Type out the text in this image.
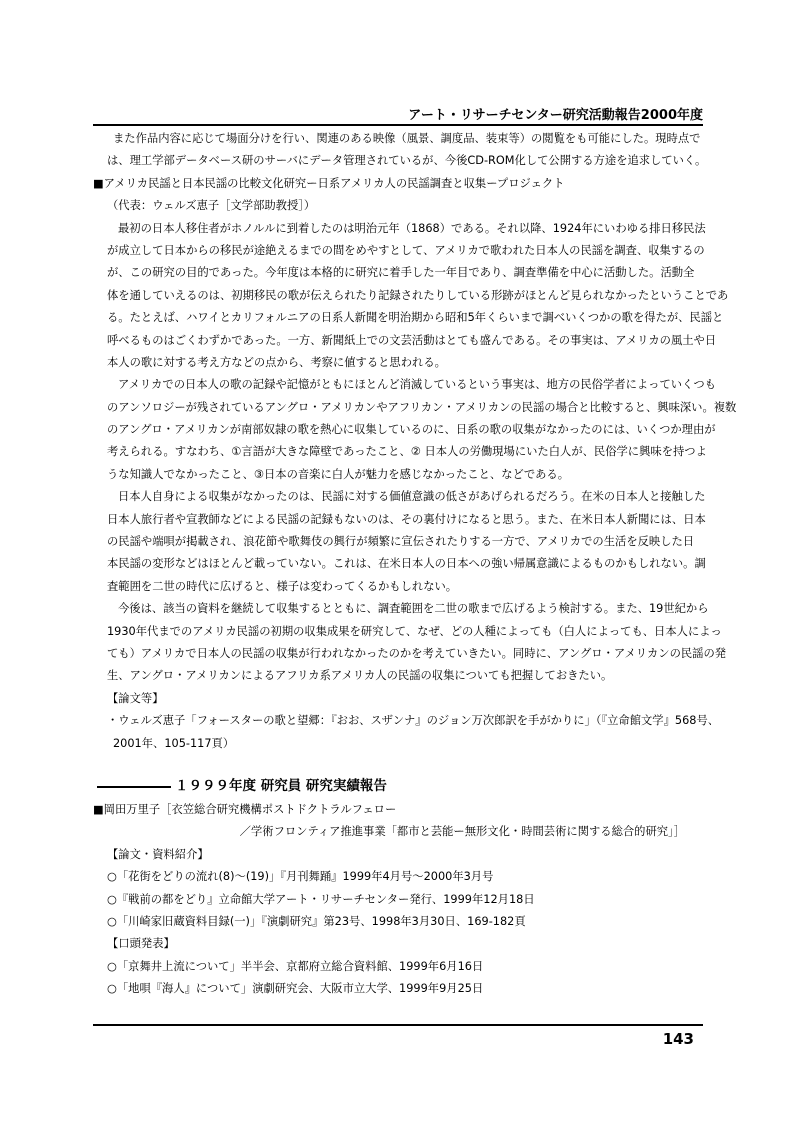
アート・リサーチセンター研究活動報告2000年度
また作品内容に応じて場面分けを行い、関連のある映像（風景、調度品、装束等）の閲覧をも可能にした。現時点で
は、理工学部データベース研のサーバにデータ管理されているが、今後CD-ROM化して公開する方途を追求していく。
■アメリカ民謡と日本民謡の比較文化研究ー日系アメリカ人の民謡調査と収集ープロジェクト
（代表：ウェルズ恵子［文学部助教授］）
最初の日本人移住者がホノルルに到着したのは明治元年（1868）である。それ以降、1924年にいわゆる排日移民法
が成立して日本からの移民が途絶えるまでの間をめやすとして、アメリカで歌われた日本人の民謡を調査、収集するの
が、この研究の目的であった。今年度は本格的に研究に着手した一年目であり、調査準備を中心に活動した。活動全
体を通していえるのは、初期移民の歌が伝えられたり記録されたりしている形跡がほとんど見られなかったということであ
る。たとえば、ハワイとカリフォルニアの日系人新聞を明治期から昭和5年くらいまで調べいくつかの歌を得たが、民謡と
呼べるものはごくわずかであった。一方、新聞紙上での文芸活動はとても盛んである。その事実は、アメリカの風土や日
本人の歌に対する考え方などの点から、考察に値すると思われる。
アメリカでの日本人の歌の記録や記憶がともにほとんど消滅しているという事実は、地方の民俗学者によっていくつも
のアンソロジーが残されているアングロ・アメリカンやアフリカン・アメリカンの民謡の場合と比較すると、興味深い。複数
のアングロ・アメリカンが南部奴隷の歌を熱心に収集しているのに、日系の歌の収集がなかったのには、いくつか理由が
考えられる。すなわち、①言語が大きな障壁であったこと、② 日本人の労働現場にいた白人が、民俗学に興味を持つよ
うな知識人でなかったこと、③日本の音楽に白人が魅力を感じなかったこと、などである。
日本人自身による収集がなかったのは、民謡に対する価値意識の低さがあげられるだろう。在米の日本人と接触した
日本人旅行者や宣教師などによる民謡の記録もないのは、その裏付けになると思う。また、在米日本人新聞には、日本
の民謡や端唄が掲載され、浪花節や歌舞伎の興行が頻繁に宣伝されたりする一方で、アメリカでの生活を反映した日
本民謡の変形などはほとんど載っていない。これは、在米日本人の日本への強い帰属意識によるものかもしれない。調
査範囲を二世の時代に広げると、様子は変わってくるかもしれない。
今後は、該当の資料を継続して収集するとともに、調査範囲を二世の歌まで広げるよう検討する。また、19世紀から
1930年代までのアメリカ民謡の初期の収集成果を研究して、なぜ、どの人種によっても（白人によっても、日本人によっ
ても）アメリカで日本人の民謡の収集が行われなかったのかを考えていきたい。同時に、アングロ・アメリカンの民謡の発
生、アングロ・アメリカンによるアフリカ系アメリカ人の民謡の収集についても把握しておきたい。
【論文等】
・ウェルズ恵子「フォースターの歌と望郷：『おお、スザンナ』のジョン万次郎訳を手がかりに」（『立命館文学』568号、
2001年、105-117頁）
１９９９年度 研究員 研究実績報告
■岡田万里子［衣笠総合研究機構ポストドクトラルフェロー
／学術フロンティア推進事業「都市と芸能ー無形文化・時間芸術に関する総合的研究」］
【論文・資料紹介】
○「花街をどりの流れ(8)～(19)」『月刊舞踊』1999年4月号～2000年3月号
○『戦前の都をどり』立命館大学アート・リサーチセンター発行、1999年12月18日
○「川崎家旧蔵資料目録(一)」『演劇研究』第23号、1998年3月30日、169-182頁
【口頭発表】
○「京舞井上流について」半半会、京都府立総合資料館、1999年6月16日
○「地唄『海人』について」演劇研究会、大阪市立大学、1999年9月25日
143
